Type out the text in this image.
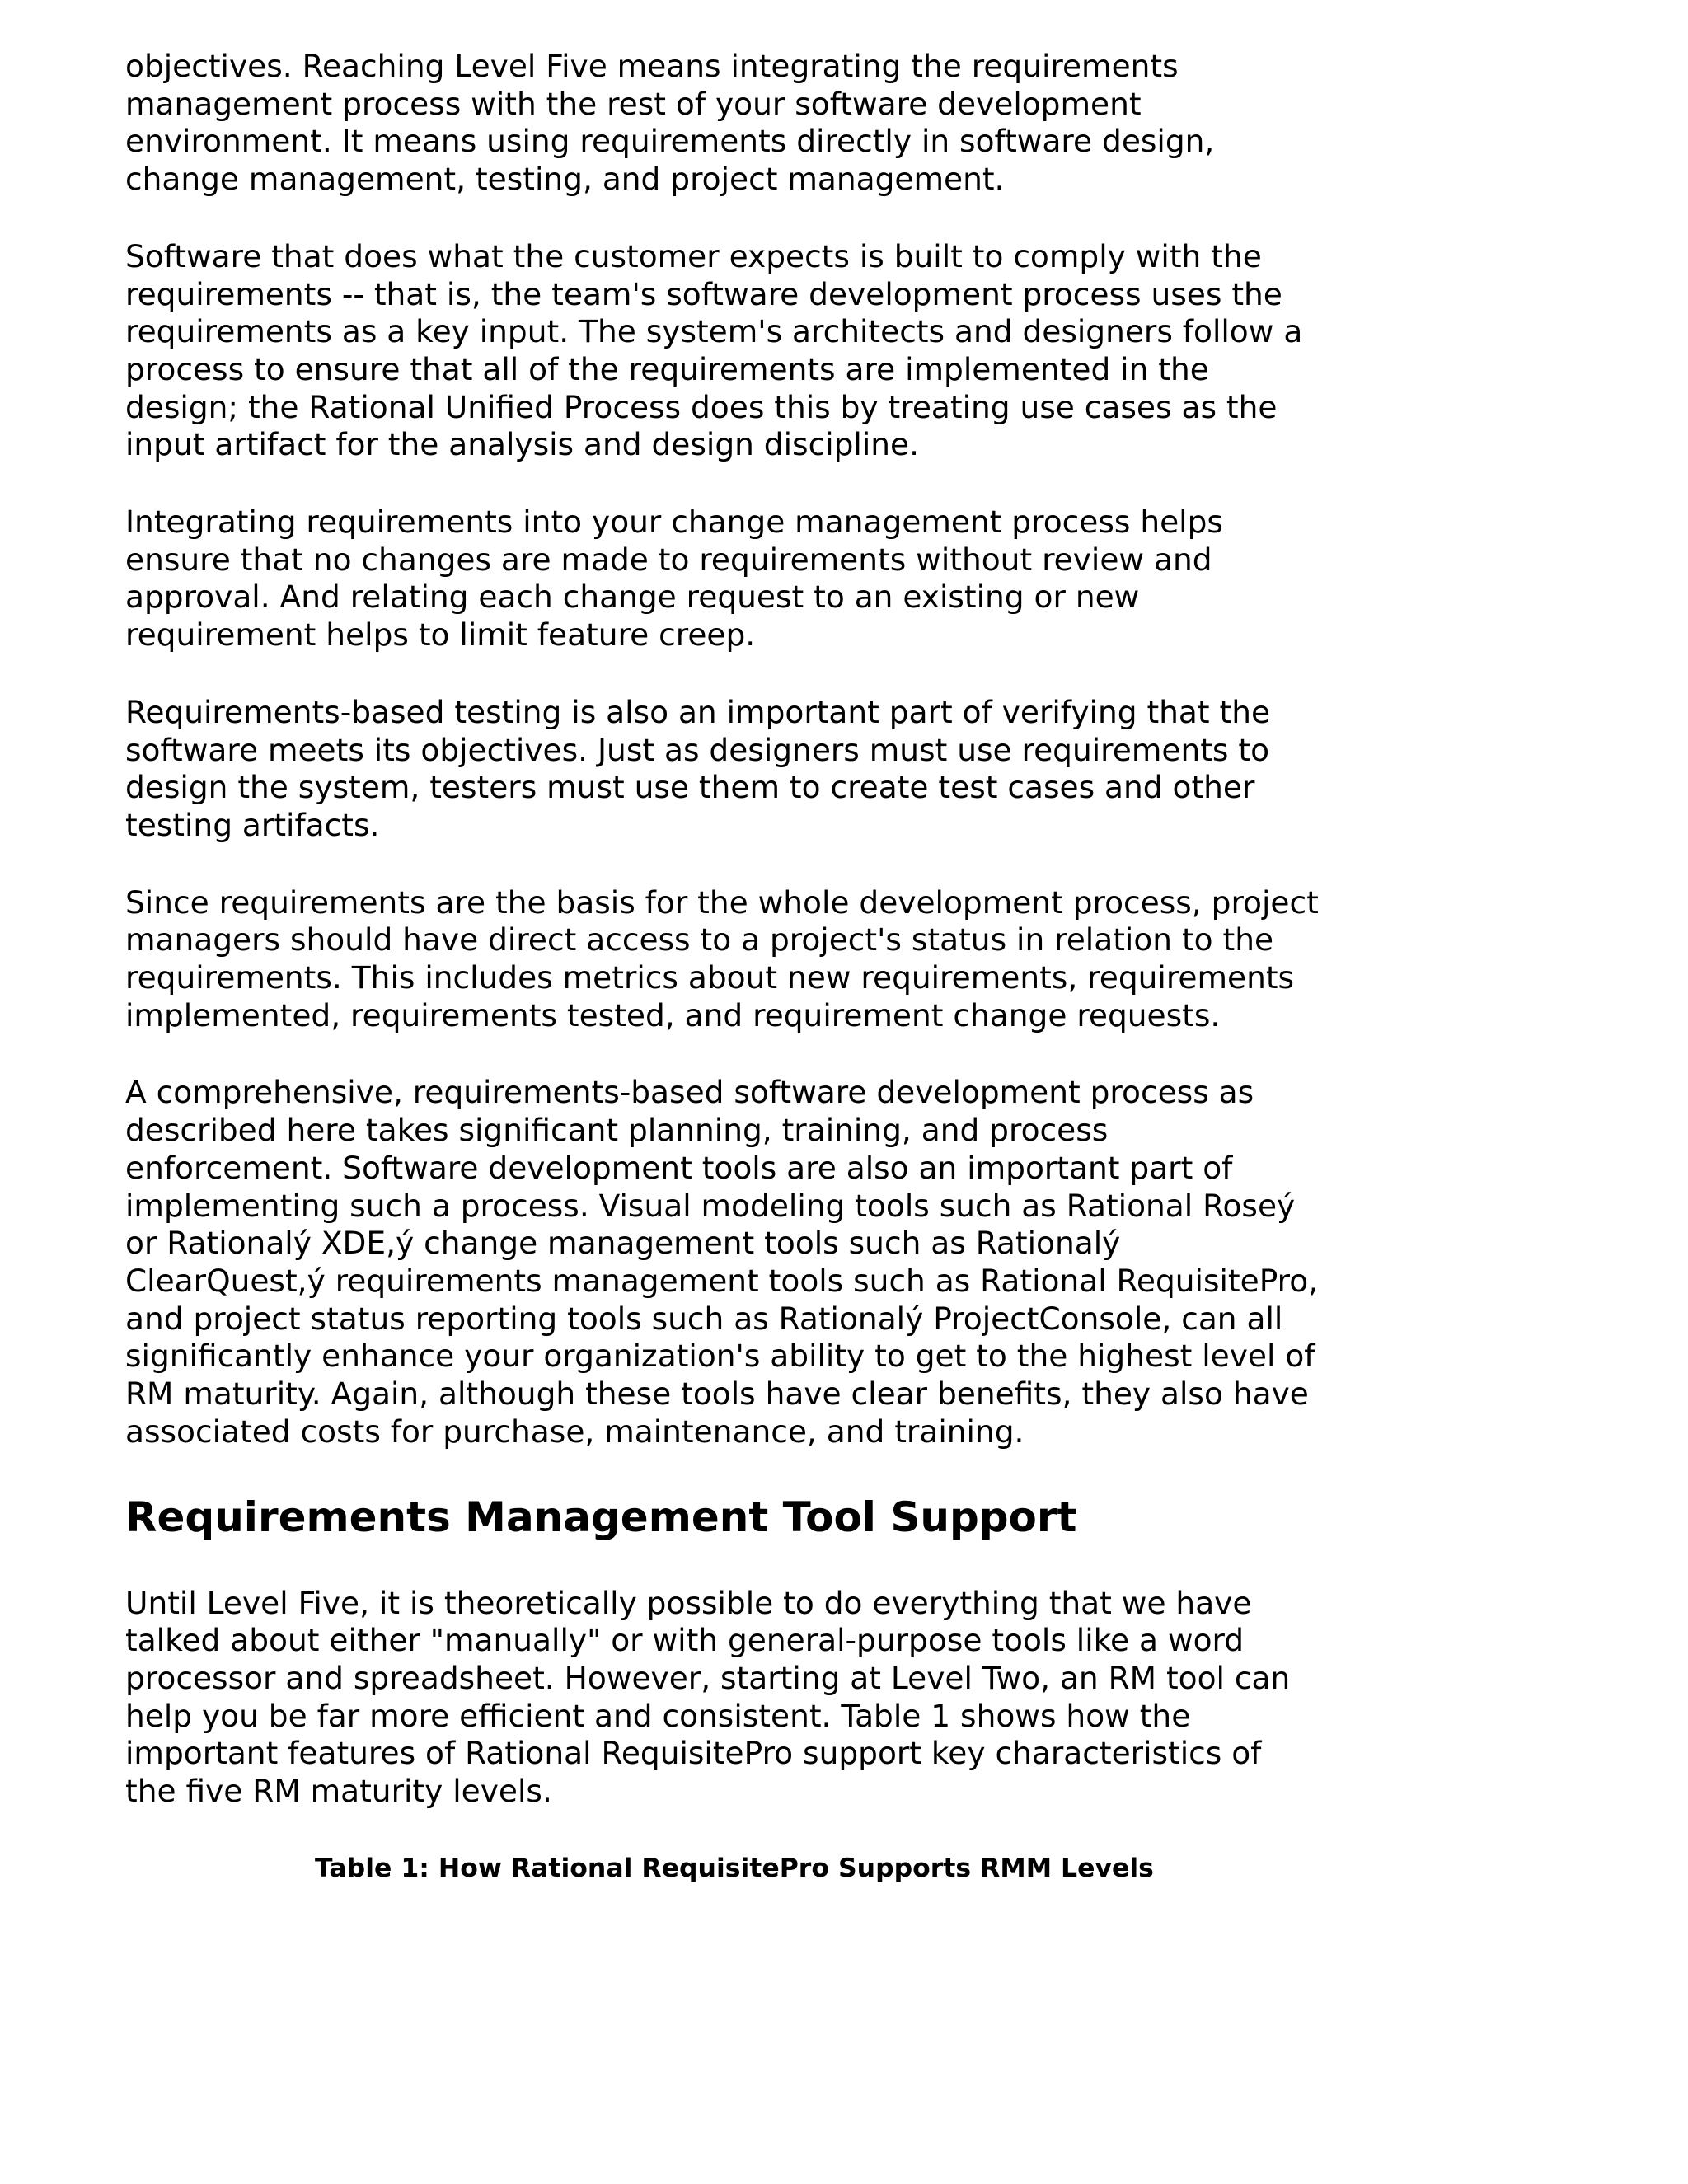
objectives. Reaching Level Five means integrating the requirements management process with the rest of your software development environment. It means using requirements directly in software design, change management, testing, and project management.

Software that does what the customer expects is built to comply with the requirements -- that is, the team's software development process uses the requirements as a key input. The system's architects and designers follow a process to ensure that all of the requirements are implemented in the design; the Rational Unified Process does this by treating use cases as the input artifact for the analysis and design discipline.

Integrating requirements into your change management process helps ensure that no changes are made to requirements without review and approval. And relating each change request to an existing or new requirement helps to limit feature creep.

Requirements-based testing is also an important part of verifying that the software meets its objectives. Just as designers must use requirements to design the system, testers must use them to create test cases and other testing artifacts.

Since requirements are the basis for the whole development process, project managers should have direct access to a project's status in relation to the requirements. This includes metrics about new requirements, requirements implemented, requirements tested, and requirement change requests.

A comprehensive, requirements-based software development process as described here takes significant planning, training, and process enforcement. Software development tools are also an important part of implementing such a process. Visual modeling tools such as Rational Roseý or Rationalý XDE,ý change management tools such as Rationalý ClearQuest,ý requirements management tools such as Rational RequisitePro, and project status reporting tools such as Rationalý ProjectConsole, can all significantly enhance your organization's ability to get to the highest level of RM maturity. Again, although these tools have clear benefits, they also have associated costs for purchase, maintenance, and training.

Requirements Management Tool Support

Until Level Five, it is theoretically possible to do everything that we have talked about either "manually" or with general-purpose tools like a word processor and spreadsheet. However, starting at Level Two, an RM tool can help you be far more efficient and consistent. Table 1 shows how the important features of Rational RequisitePro support key characteristics of the five RM maturity levels.

Table 1: How Rational RequisitePro Supports RMM Levels
